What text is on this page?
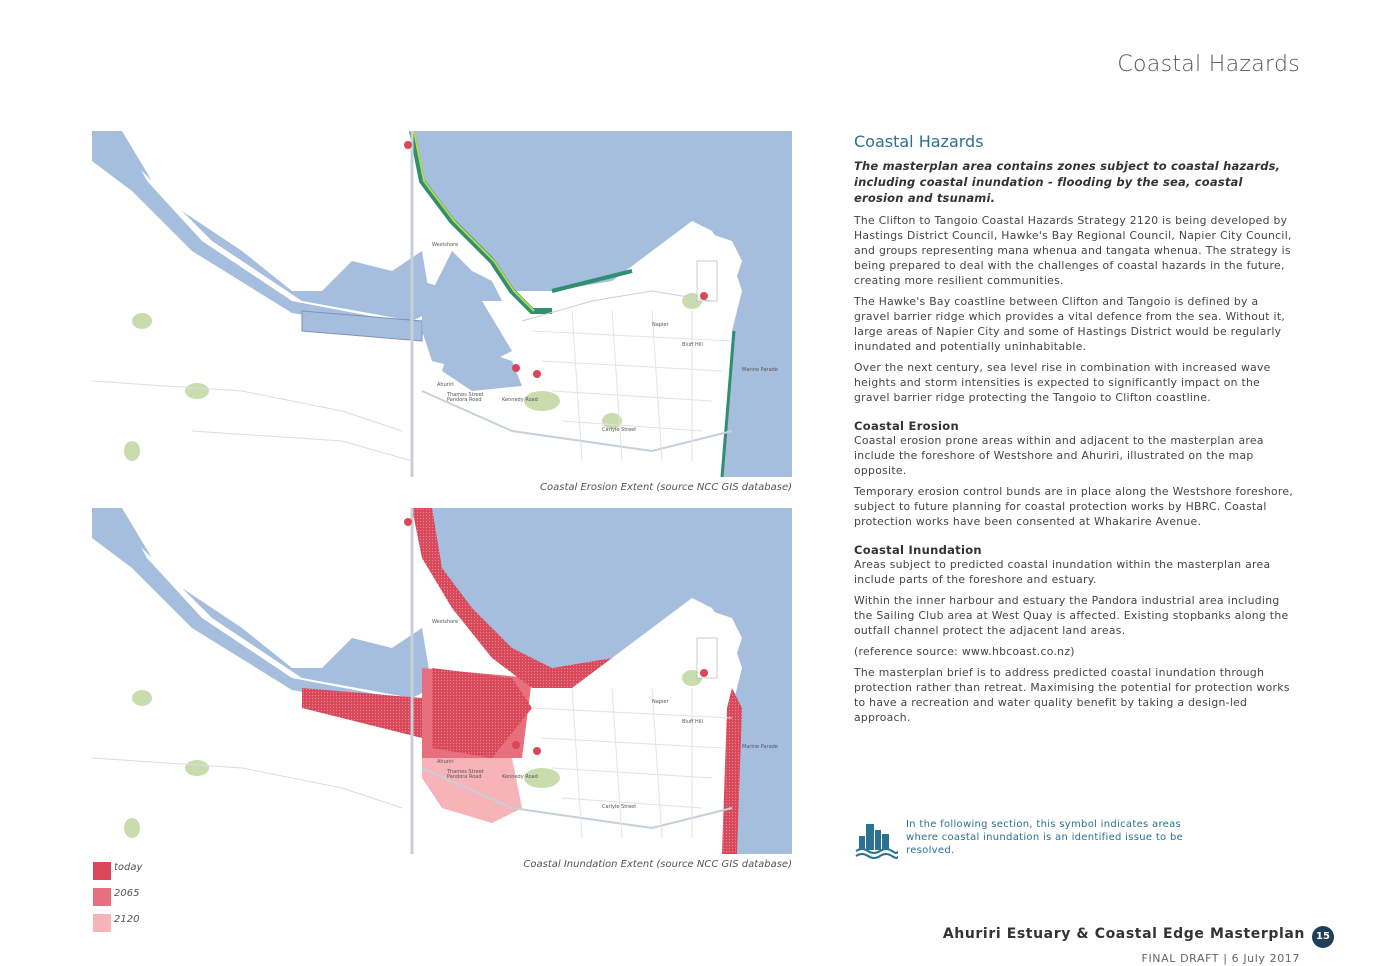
Coastal Hazards
Westshore
Napier
Bluff Hill
Pandora Road
Thames Street
Kennedy Road
Carlyle Street
Marine Parade
Ahuriri
Coastal Erosion Extent (source NCC GIS database)
Westshore
Napier
Bluff Hill
Pandora Road
Thames Street
Kennedy Road
Carlyle Street
Marine Parade
Ahuriri
Coastal Inundation Extent (source NCC GIS database)
today
2065
2120
Coastal Hazards

The masterplan area contains zones subject to coastal hazards, including coastal inundation - flooding by the sea, coastal erosion and tsunami.

The Clifton to Tangoio Coastal Hazards Strategy 2120 is being developed by Hastings District Council, Hawke's Bay Regional Council, Napier City Council, and groups representing mana whenua and tangata whenua. The strategy is being prepared to deal with the challenges of coastal hazards in the future, creating more resilient communities.

The Hawke's Bay coastline between Clifton and Tangoio is defined by a gravel barrier ridge which provides a vital defence from the sea. Without it, large areas of Napier City and some of Hastings District would be regularly inundated and potentially uninhabitable.

Over the next century, sea level rise in combination with increased wave heights and storm intensities is expected to significantly impact on the gravel barrier ridge protecting the Tangoio to Clifton coastline.

Coastal Erosion

Coastal erosion prone areas within and adjacent to the masterplan area include the foreshore of Westshore and Ahuriri, illustrated on the map opposite.

Temporary erosion control bunds are in place along the Westshore foreshore, subject to future planning for coastal protection works by HBRC. Coastal protection works have been consented at Whakarire Avenue.

Coastal Inundation

Areas subject to predicted coastal inundation within the masterplan area include parts of the foreshore and estuary.

Within the inner harbour and estuary the Pandora industrial area including the Sailing Club area at West Quay is affected. Existing stopbanks along the outfall channel protect the adjacent land areas.

(reference source: www.hbcoast.co.nz)

The masterplan brief is to address predicted coastal inundation through protection rather than retreat. Maximising the potential for protection works to have a recreation and water quality benefit by taking a design-led approach.

In the following section, this symbol indicates areas where coastal inundation is an identified issue to be resolved.
Ahuriri Estuary & Coastal Edge Masterplan	15
FINAL DRAFT | 6 July 2017
